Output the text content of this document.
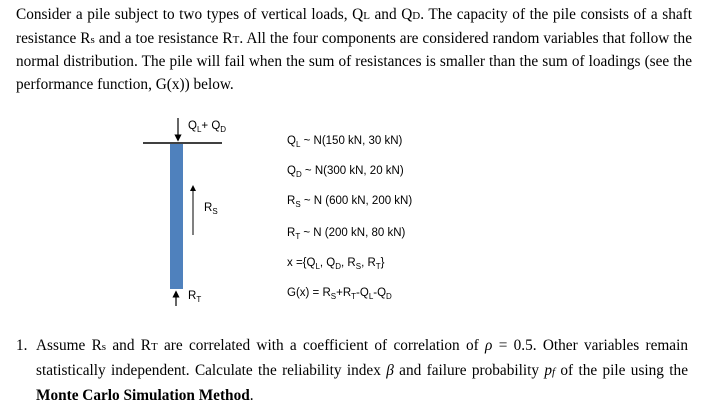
Consider a pile subject to two types of vertical loads, QL and QD. The capacity of the pile consists of a shaft resistance Rs and a toe resistance RT. All the four components are considered random variables that follow the normal distribution. The pile will fail when the sum of resistances is smaller than the sum of loadings (see the performance function, G(x)) below.
$Q_L+ Q_D$
$R_S$
$R_T$
$Q_L$ ~ N(150 kN, 30 kN)
$Q_D$ ~ N(300 kN, 20 kN)
$R_S$ ~ N (600 kN, 200 kN)
$R_T$ ~ N (200 kN, 80 kN)
$x =\{Q_L$, $Q_D$, $R_S$, $R_T$}
$G(x) = R_S+R_T-Q_L-Q_D$
1. Assume Rs and RT are correlated with a coefficient of correlation of ρ = 0.5. Other variables remain statistically independent. Calculate the reliability index β and failure probability pf of the pile using the Monte Carlo Simulation Method.
